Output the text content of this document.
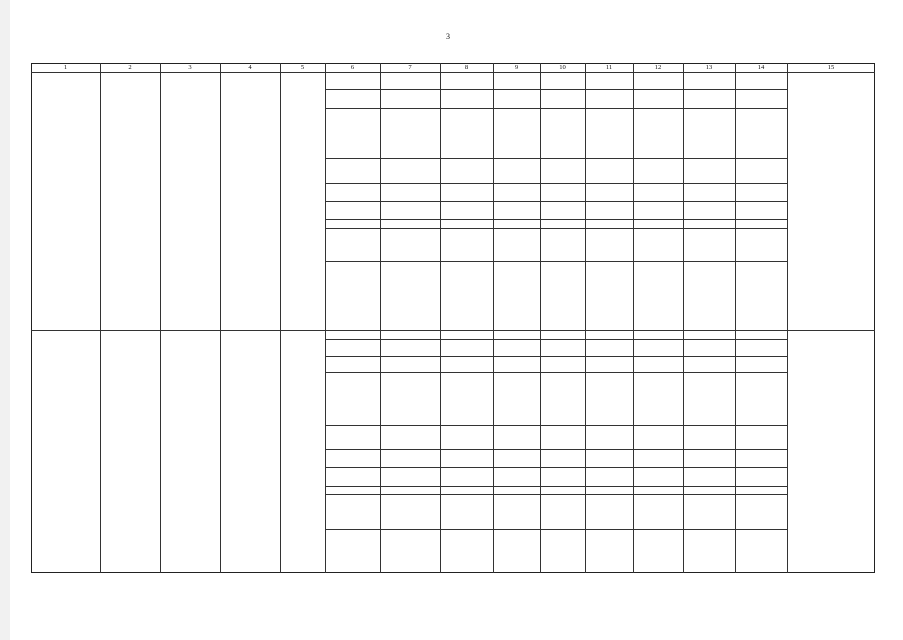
3
1	2	3	4	5	6	7	8	9	10	11	12	13	14	15
